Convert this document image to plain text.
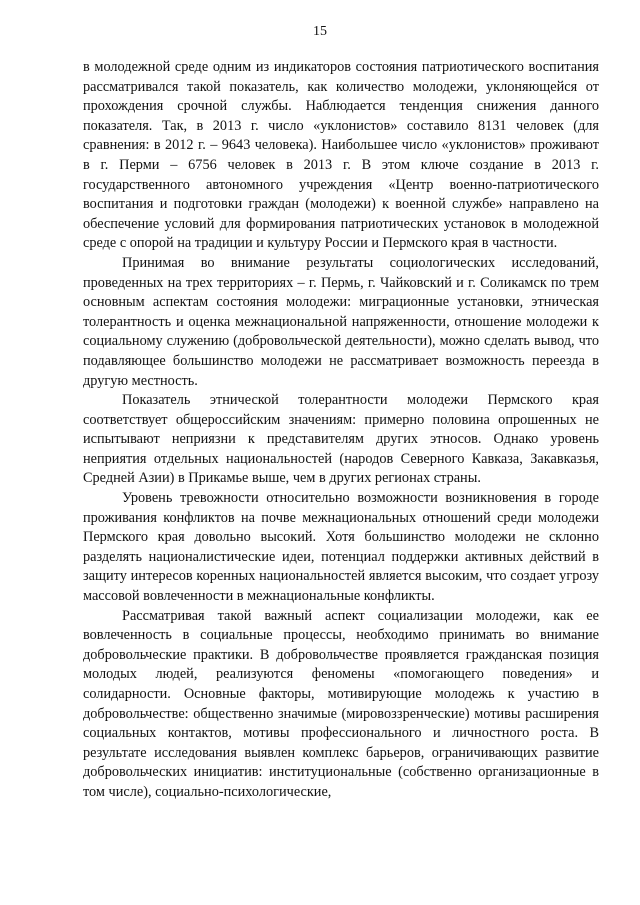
15

в молодежной среде одним из индикаторов состояния патриотического воспитания рассматривался такой показатель, как количество молодежи, уклоняющейся от прохождения срочной службы. Наблюдается тенденция снижения данного показателя. Так, в 2013 г. число «уклонистов» составило 8131 человек (для сравнения: в 2012 г. – 9643 человека). Наибольшее число «уклонистов» проживают в г. Перми – 6756 человек в 2013 г. В этом ключе создание в 2013 г. государственного автономного учреждения «Центр военно-патриотического воспитания и подготовки граждан (молодежи) к военной службе» направлено на обеспечение условий для формирования патриотических установок в молодежной среде с опорой на традиции и культуру России и Пермского края в частности.

Принимая во внимание результаты социологических исследований, проведенных на трех территориях – г. Пермь, г. Чайковский и г. Соликамск по трем основным аспектам состояния молодежи: миграционные установки, этническая толерантность и оценка межнациональной напряженности, отношение молодежи к социальному служению (добровольческой деятельности), можно сделать вывод, что подавляющее большинство молодежи не рассматривает возможность переезда в другую местность.

Показатель этнической толерантности молодежи Пермского края соответствует общероссийским значениям: примерно половина опрошенных не испытывают неприязни к представителям других этносов. Однако уровень неприятия отдельных национальностей (народов Северного Кавказа, Закавказья, Средней Азии) в Прикамье выше, чем в других регионах страны.

Уровень тревожности относительно возможности возникновения в городе проживания конфликтов на почве межнациональных отношений среди молодежи Пермского края довольно высокий. Хотя большинство молодежи не склонно разделять националистические идеи, потенциал поддержки активных действий в защиту интересов коренных национальностей является высоким, что создает угрозу массовой вовлеченности в межнациональные конфликты.

Рассматривая такой важный аспект социализации молодежи, как ее вовлеченность в социальные процессы, необходимо принимать во внимание добровольческие практики. В добровольчестве проявляется гражданская позиция молодых людей, реализуются феномены «помогающего поведения» и солидарности. Основные факторы, мотивирующие молодежь к участию в добровольчестве: общественно значимые (мировоззренческие) мотивы расширения социальных контактов, мотивы профессионального и личностного роста. В результате исследования выявлен комплекс барьеров, ограничивающих развитие добровольческих инициатив: институциональные (собственно организационные в том числе), социально-психологические,
